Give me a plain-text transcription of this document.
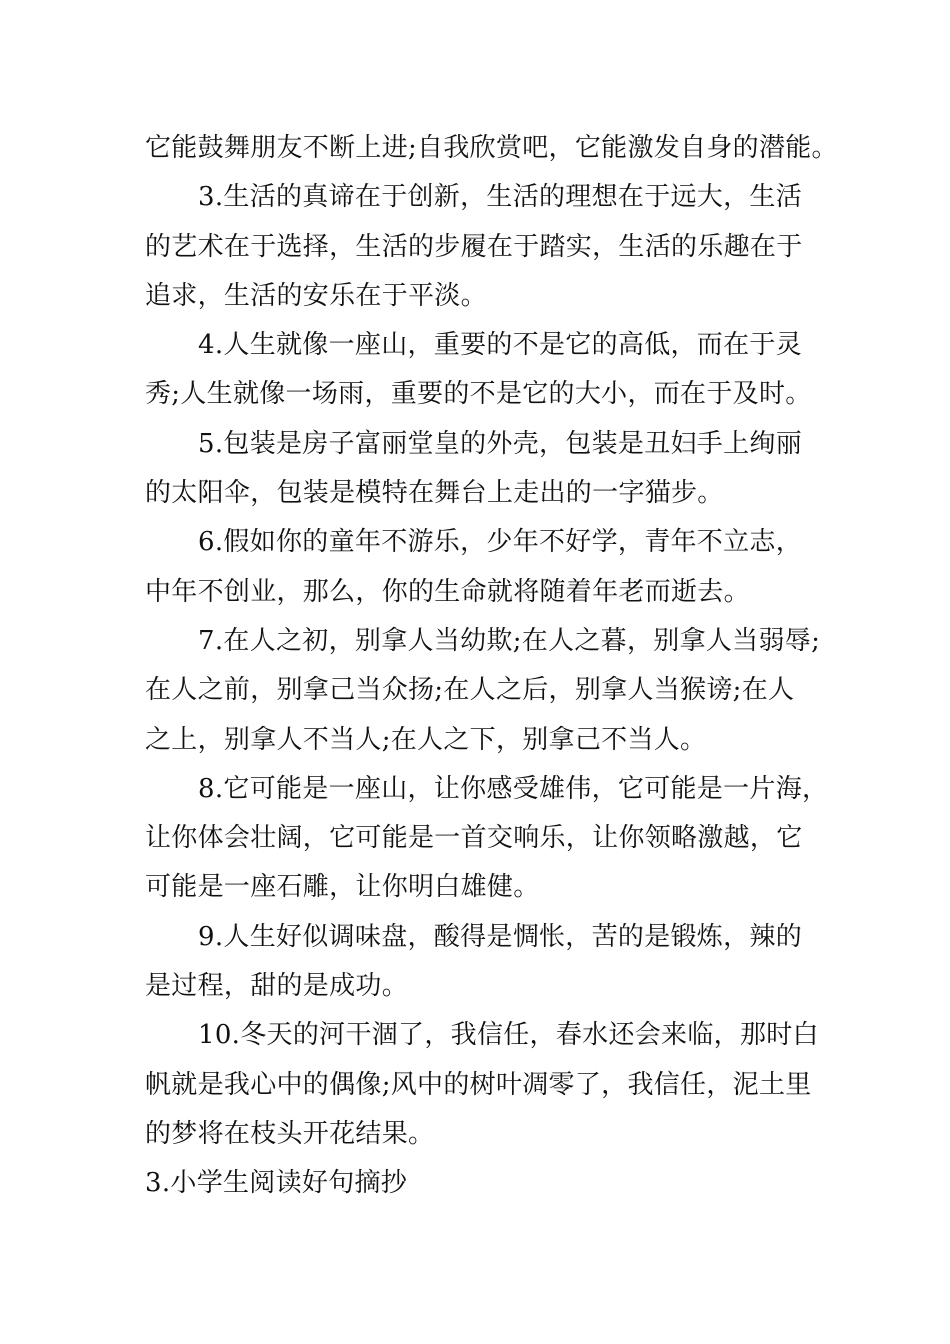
它能鼓舞朋友不断上进;自我欣赏吧，它能激发自身的潜能。
3.生活的真谛在于创新，生活的理想在于远大，生活
的艺术在于选择，生活的步履在于踏实，生活的乐趣在于
追求，生活的安乐在于平淡。
4.人生就像一座山，重要的不是它的高低，而在于灵
秀;人生就像一场雨，重要的不是它的大小，而在于及时。
5.包装是房子富丽堂皇的外壳，包装是丑妇手上绚丽
的太阳伞，包装是模特在舞台上走出的一字猫步。
6.假如你的童年不游乐，少年不好学，青年不立志，
中年不创业，那么，你的生命就将随着年老而逝去。
7.在人之初，别拿人当幼欺;在人之暮，别拿人当弱辱;
在人之前，别拿己当众扬;在人之后，别拿人当猴谤;在人
之上，别拿人不当人;在人之下，别拿己不当人。
8.它可能是一座山，让你感受雄伟，它可能是一片海，
让你体会壮阔，它可能是一首交响乐，让你领略激越，它
可能是一座石雕，让你明白雄健。
9.人生好似调味盘，酸得是惆怅，苦的是锻炼，辣的
是过程，甜的是成功。
10.冬天的河干涸了，我信任，春水还会来临，那时白
帆就是我心中的偶像;风中的树叶凋零了，我信任，泥土里
的梦将在枝头开花结果。
3.小学生阅读好句摘抄
